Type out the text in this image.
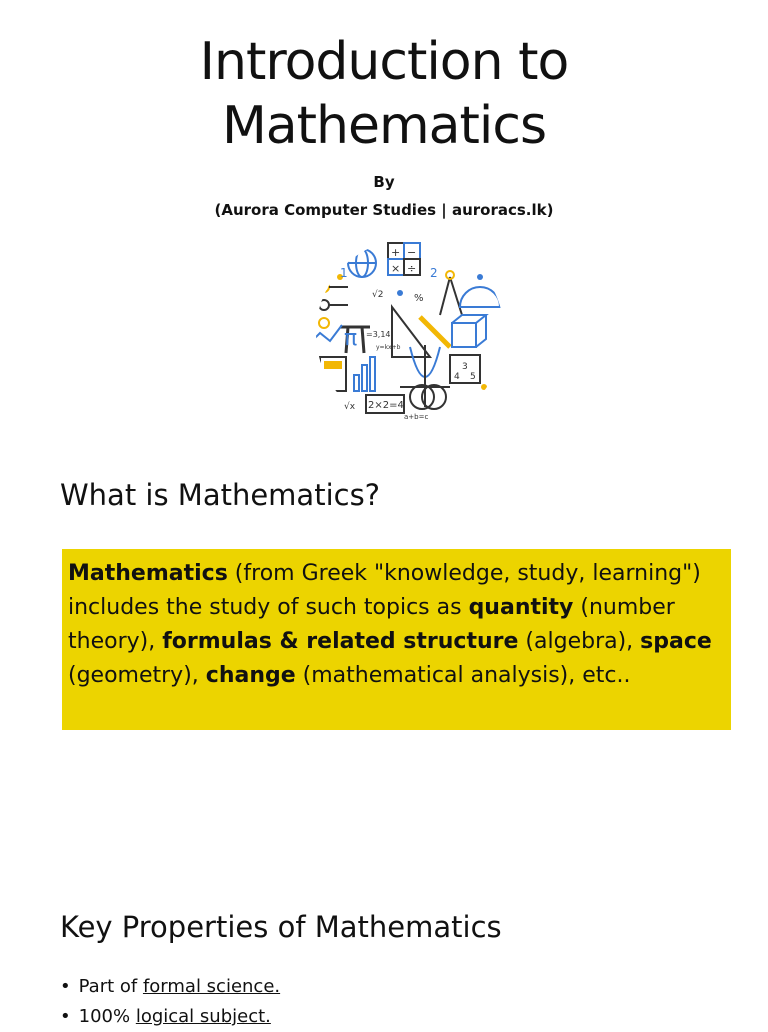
Introduction to
Mathematics
By
(Aurora Computer Studies | auroracs.lk)
√2
π =3,14
2×2=4
a+b=c
y=kx+b
√x
1	2
3
4 5
+ −
× ÷
%
What is Mathematics?
Mathematics (from Greek "knowledge, study, learning") includes the study of such topics as quantity (number theory), formulas & related structure (algebra), space (geometry), change (mathematical analysis), etc..
Key Properties of Mathematics
• Part of formal science.
• 100% logical subject.
